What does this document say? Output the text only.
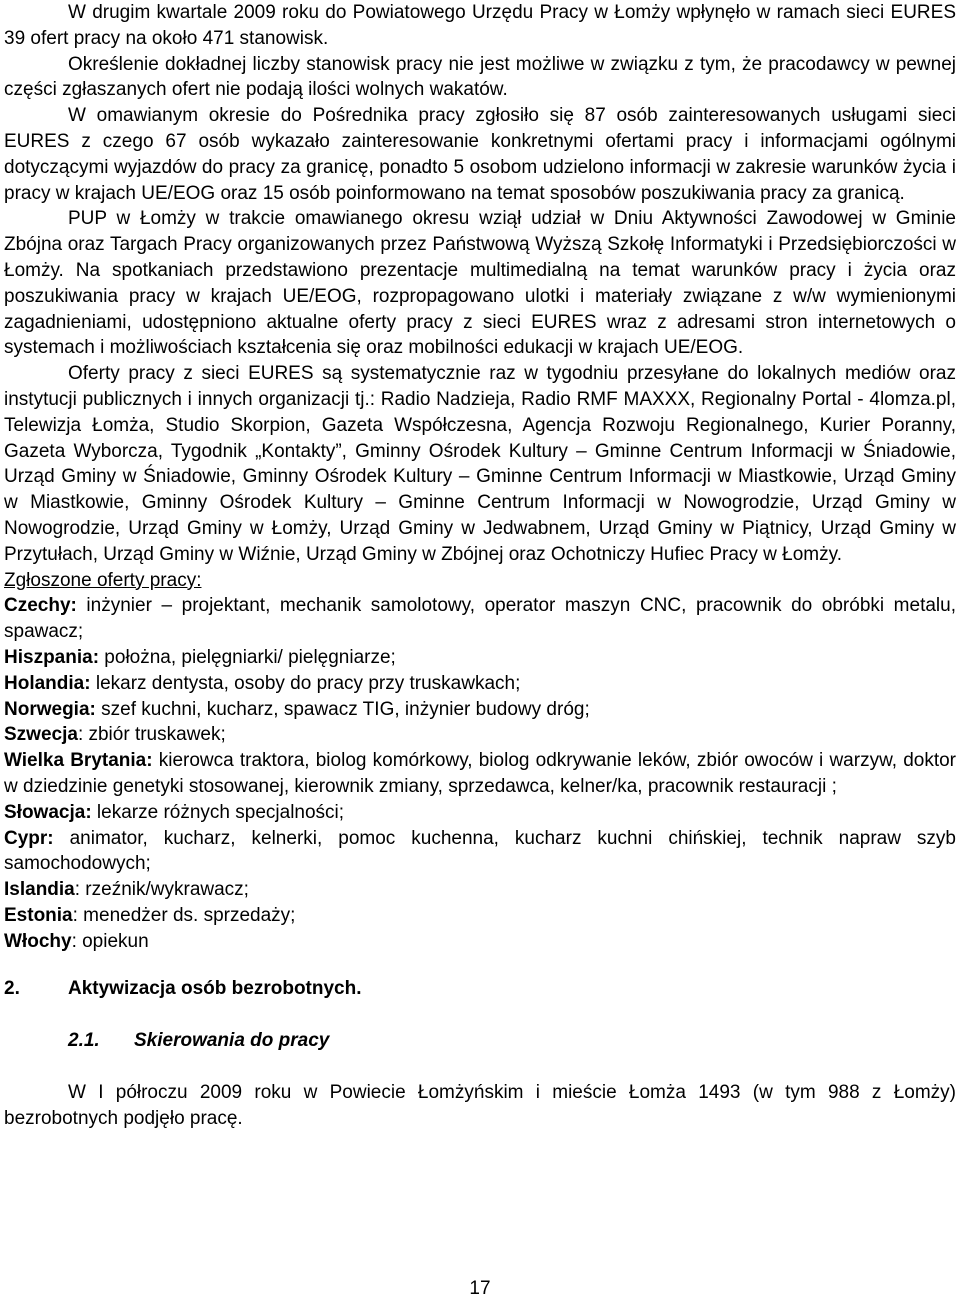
W drugim kwartale 2009 roku do Powiatowego Urzędu Pracy w Łomży wpłynęło w ramach sieci EURES 39 ofert pracy na około 471 stanowisk.

Określenie dokładnej liczby stanowisk pracy nie jest możliwe w związku z tym, że pracodawcy w pewnej części zgłaszanych ofert nie podają ilości wolnych wakatów.

W omawianym okresie do Pośrednika pracy zgłosiło się 87 osób zainteresowanych usługami sieci EURES z czego 67 osób wykazało zainteresowanie konkretnymi ofertami pracy i informacjami ogólnymi dotyczącymi wyjazdów do pracy za granicę, ponadto 5 osobom udzielono informacji w zakresie warunków życia i pracy w krajach UE/EOG oraz 15 osób poinformowano na temat sposobów poszukiwania pracy za granicą.

PUP w Łomży w trakcie omawianego okresu wziął udział w Dniu Aktywności Zawodowej w Gminie Zbójna oraz Targach Pracy organizowanych przez Państwową Wyższą Szkołę Informatyki i Przedsiębiorczości w Łomży. Na spotkaniach przedstawiono prezentacje multimedialną na temat warunków pracy i życia oraz poszukiwania pracy w krajach UE/EOG, rozpropagowano ulotki i materiały związane z w/w wymienionymi zagadnieniami, udostępniono aktualne oferty pracy z sieci EURES wraz z adresami stron internetowych o systemach i możliwościach kształcenia się oraz mobilności edukacji w krajach UE/EOG.

Oferty pracy z sieci EURES są systematycznie raz w tygodniu przesyłane do lokalnych mediów oraz instytucji publicznych i innych organizacji tj.: Radio Nadzieja, Radio RMF MAXXX, Regionalny Portal - 4lomza.pl, Telewizja Łomża, Studio Skorpion, Gazeta Współczesna, Agencja Rozwoju Regionalnego, Kurier Poranny, Gazeta Wyborcza, Tygodnik „Kontakty”, Gminny Ośrodek Kultury – Gminne Centrum Informacji w Śniadowie, Urząd Gminy w Śniadowie, Gminny Ośrodek Kultury – Gminne Centrum Informacji w Miastkowie, Urząd Gminy w Miastkowie, Gminny Ośrodek Kultury – Gminne Centrum Informacji w Nowogrodzie, Urząd Gminy w Nowogrodzie, Urząd Gminy w Łomży, Urząd Gminy w Jedwabnem, Urząd Gminy w Piątnicy, Urząd Gminy w Przytułach, Urząd Gminy w Wiźnie, Urząd Gminy w Zbójnej oraz Ochotniczy Hufiec Pracy w Łomży.

Zgłoszone oferty pracy:

Czechy: inżynier – projektant, mechanik samolotowy, operator maszyn CNC, pracownik do obróbki metalu, spawacz;

Hiszpania: położna, pielęgniarki/ pielęgniarze;

Holandia: lekarz dentysta, osoby do pracy przy truskawkach;

Norwegia: szef kuchni, kucharz, spawacz TIG, inżynier budowy dróg;

Szwecja: zbiór truskawek;

Wielka Brytania: kierowca traktora, biolog komórkowy, biolog odkrywanie leków, zbiór owoców i warzyw, doktor w dziedzinie genetyki stosowanej, kierownik zmiany, sprzedawca, kelner/ka, pracownik restauracji ;

Słowacja: lekarze różnych specjalności;

Cypr: animator, kucharz, kelnerki, pomoc kuchenna, kucharz kuchni chińskiej, technik napraw szyb samochodowych;

Islandia: rzeźnik/wykrawacz;

Estonia: menedżer ds. sprzedaży;

Włochy: opiekun

2.	Aktywizacja osób bezrobotnych.
2.1. Skierowania do pracy

W I półroczu 2009 roku w Powiecie Łomżyńskim i mieście Łomża 1493 (w tym 988 z Łomży) bezrobotnych podjęło pracę.

17
